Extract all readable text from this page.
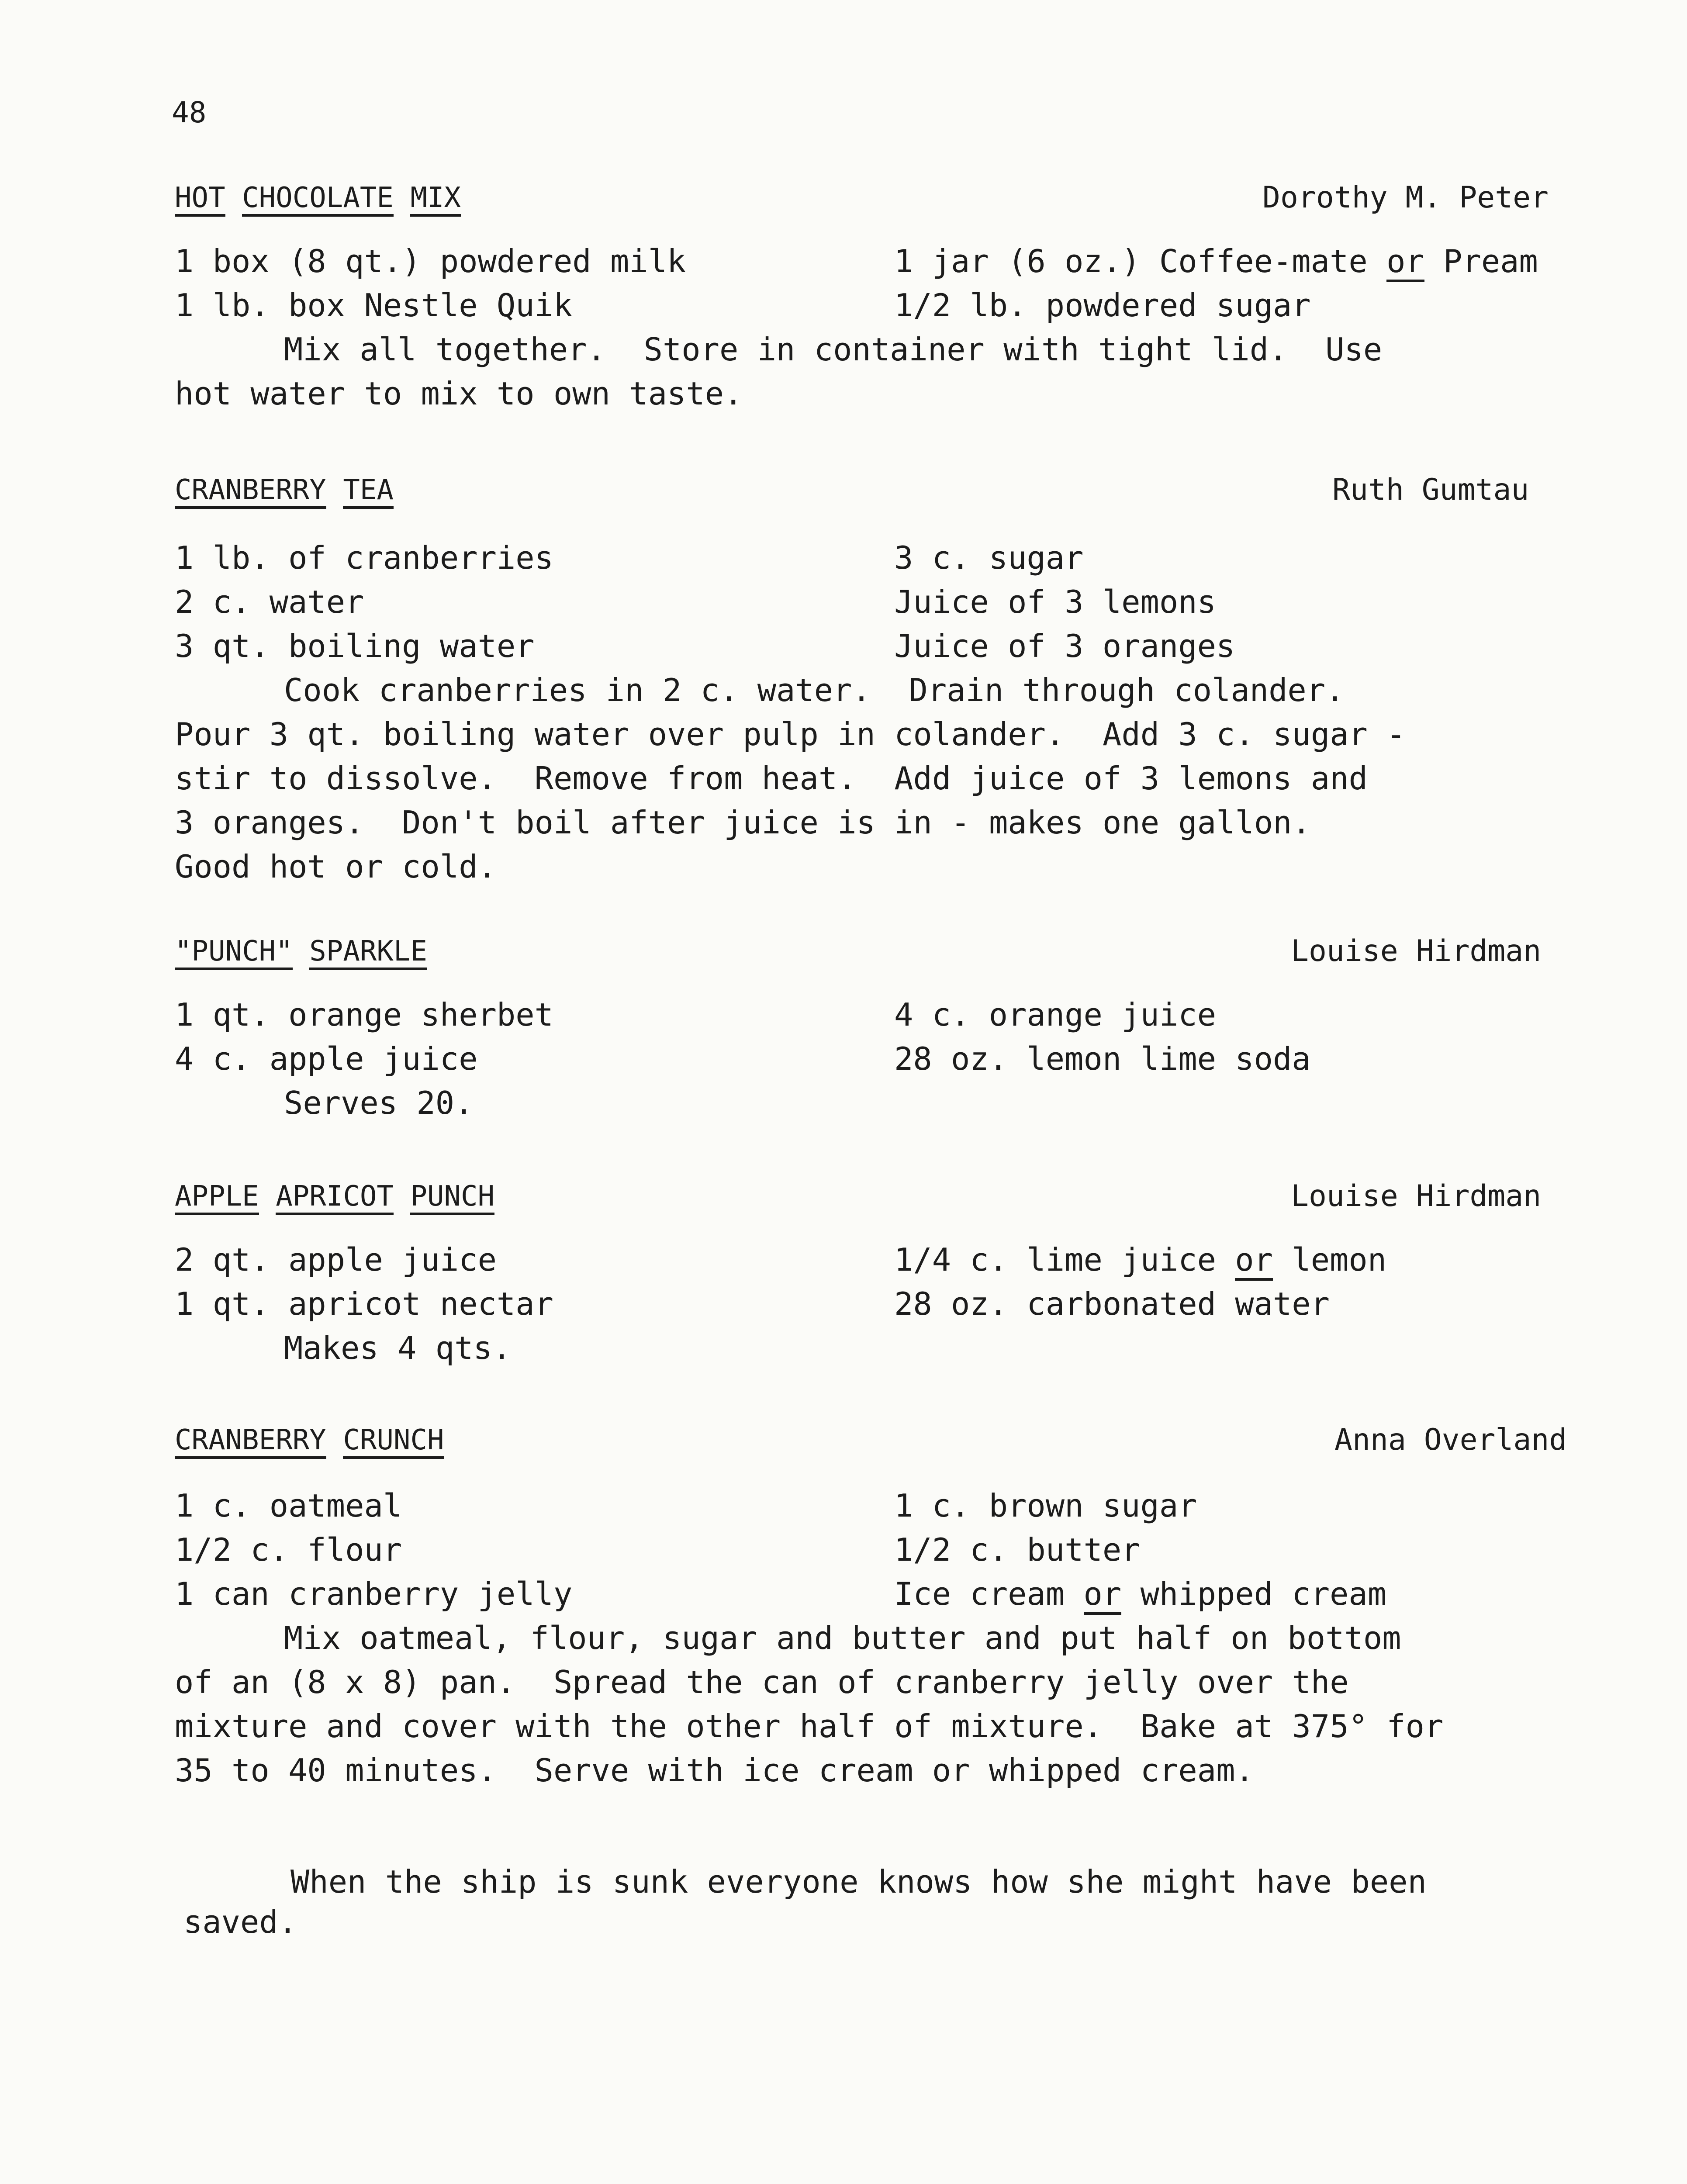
48
HOT CHOCOLATE MIX	Dorothy M. Peter
1 box (8 qt.) powdered milk	1 jar (6 oz.) Coffee-mate or Pream
1 lb. box Nestle Quik	1/2 lb. powdered sugar
Mix all together.  Store in container with tight lid.  Use
hot water to mix to own taste.
CRANBERRY TEA	Ruth Gumtau
1 lb. of cranberries	3 c. sugar
2 c. water	Juice of 3 lemons
3 qt. boiling water	Juice of 3 oranges
Cook cranberries in 2 c. water.  Drain through colander.
Pour 3 qt. boiling water over pulp in colander.  Add 3 c. sugar -
stir to dissolve.  Remove from heat.  Add juice of 3 lemons and
3 oranges.  Don't boil after juice is in - makes one gallon.
Good hot or cold.
"PUNCH" SPARKLE	Louise Hirdman
1 qt. orange sherbet	4 c. orange juice
4 c. apple juice	28 oz. lemon lime soda
Serves 20.
APPLE APRICOT PUNCH	Louise Hirdman
2 qt. apple juice	1/4 c. lime juice or lemon
1 qt. apricot nectar	28 oz. carbonated water
Makes 4 qts.
CRANBERRY CRUNCH	Anna Overland
1 c. oatmeal	1 c. brown sugar
1/2 c. flour	1/2 c. butter
1 can cranberry jelly	Ice cream or whipped cream
Mix oatmeal, flour, sugar and butter and put half on bottom
of an (8 x 8) pan.  Spread the can of cranberry jelly over the
mixture and cover with the other half of mixture.  Bake at 375° for
35 to 40 minutes.  Serve with ice cream or whipped cream.
When the ship is sunk everyone knows how she might have been
saved.
